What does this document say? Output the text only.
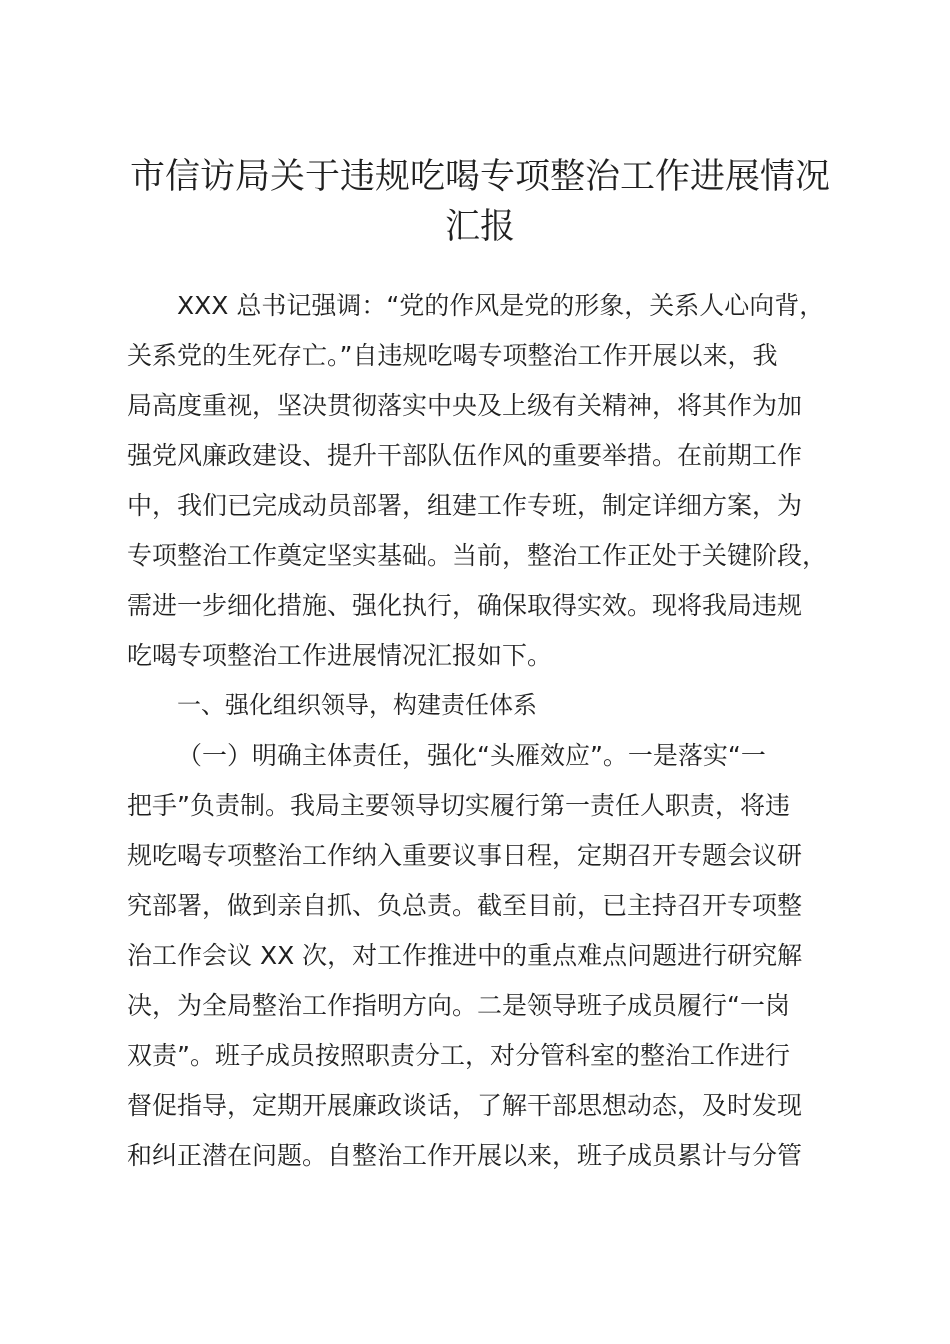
市信访局关于违规吃喝专项整治工作进展情况
汇报
XXX 总书记强调：“党的作风是党的形象，关系人心向背，
关系党的生死存亡。”自违规吃喝专项整治工作开展以来，我
局高度重视，坚决贯彻落实中央及上级有关精神，将其作为加
强党风廉政建设、提升干部队伍作风的重要举措。在前期工作
中，我们已完成动员部署，组建工作专班，制定详细方案，为
专项整治工作奠定坚实基础。当前，整治工作正处于关键阶段，
需进一步细化措施、强化执行，确保取得实效。现将我局违规
吃喝专项整治工作进展情况汇报如下。
一、强化组织领导，构建责任体系
（一）明确主体责任，强化“头雁效应”。一是落实“一
把手”负责制。我局主要领导切实履行第一责任人职责，将违
规吃喝专项整治工作纳入重要议事日程，定期召开专题会议研
究部署，做到亲自抓、负总责。截至目前，已主持召开专项整
治工作会议 XX 次，对工作推进中的重点难点问题进行研究解
决，为全局整治工作指明方向。二是领导班子成员履行“一岗
双责”。班子成员按照职责分工，对分管科室的整治工作进行
督促指导，定期开展廉政谈话，了解干部思想动态，及时发现
和纠正潜在问题。自整治工作开展以来，班子成员累计与分管
